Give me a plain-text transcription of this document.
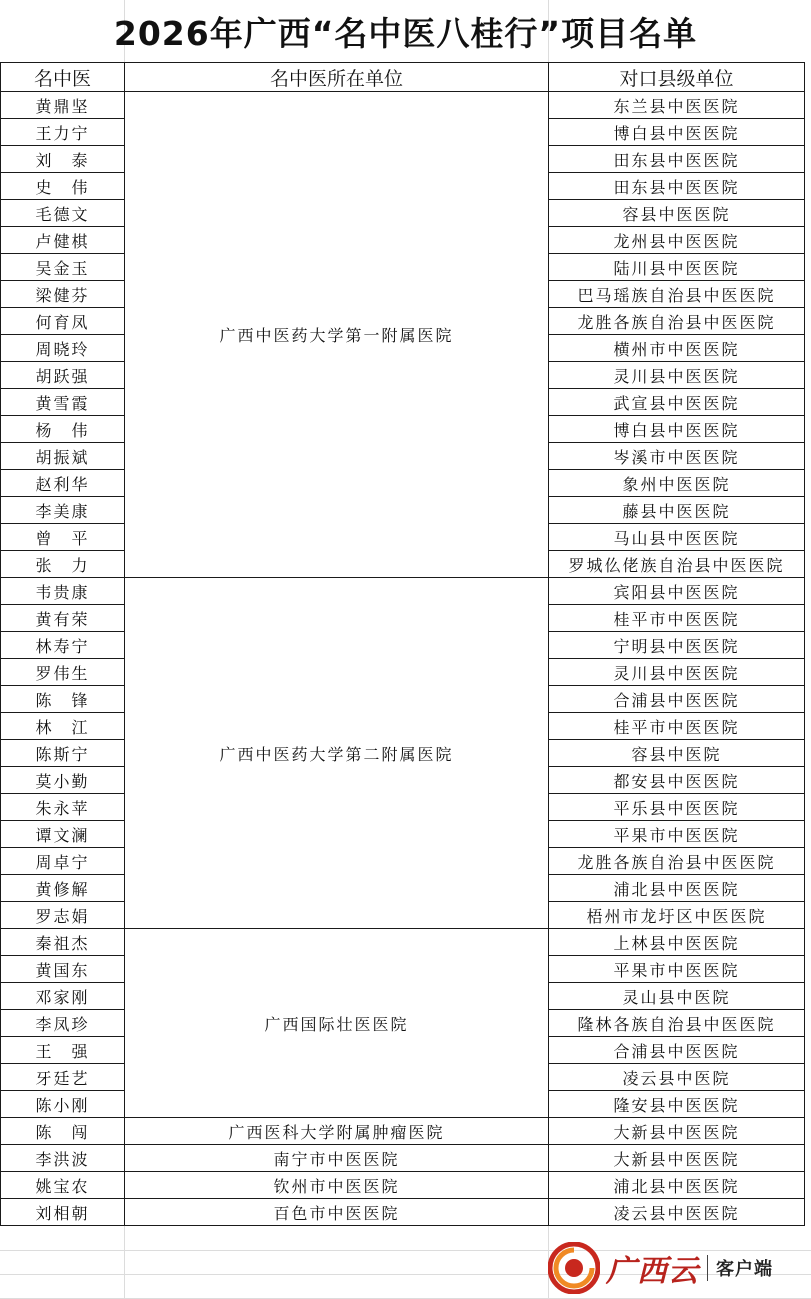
2026年广西“名中医八桂行”项目名单
名中医	名中医所在单位	对口县级单位
黄鼎坚	广西中医药大学第一附属医院	东兰县中医医院
王力宁		博白县中医医院
刘　泰		田东县中医医院
史　伟		田东县中医医院
毛德文		容县中医医院
卢健棋		龙州县中医医院
吴金玉		陆川县中医医院
梁健芬		巴马瑶族自治县中医医院
何育凤		龙胜各族自治县中医医院
周晓玲		横州市中医医院
胡跃强		灵川县中医医院
黄雪霞		武宣县中医医院
杨　伟		博白县中医医院
胡振斌		岑溪市中医医院
赵利华		象州中医医院
李美康		藤县中医医院
曾　平		马山县中医医院
张　力		罗城仫佬族自治县中医医院
韦贵康	广西中医药大学第二附属医院	宾阳县中医医院
黄有荣		桂平市中医医院
林寿宁		宁明县中医医院
罗伟生		灵川县中医医院
陈　锋		合浦县中医医院
林　江		桂平市中医医院
陈斯宁		容县中医院
莫小勤		都安县中医医院
朱永苹		平乐县中医医院
谭文澜		平果市中医医院
周卓宁		龙胜各族自治县中医医院
黄修解		浦北县中医医院
罗志娟		梧州市龙圩区中医医院
秦祖杰	广西国际壮医医院	上林县中医医院
黄国东		平果市中医医院
邓家刚		灵山县中医院
李凤珍		隆林各族自治县中医医院
王　强		合浦县中医医院
牙廷艺		凌云县中医院
陈小刚		隆安县中医医院
陈　闯	广西医科大学附属肿瘤医院	大新县中医医院
李洪波	南宁市中医医院	大新县中医医院
姚宝农	钦州市中医医院	浦北县中医医院
刘相朝	百色市中医医院	凌云县中医医院
广西云 客户端
